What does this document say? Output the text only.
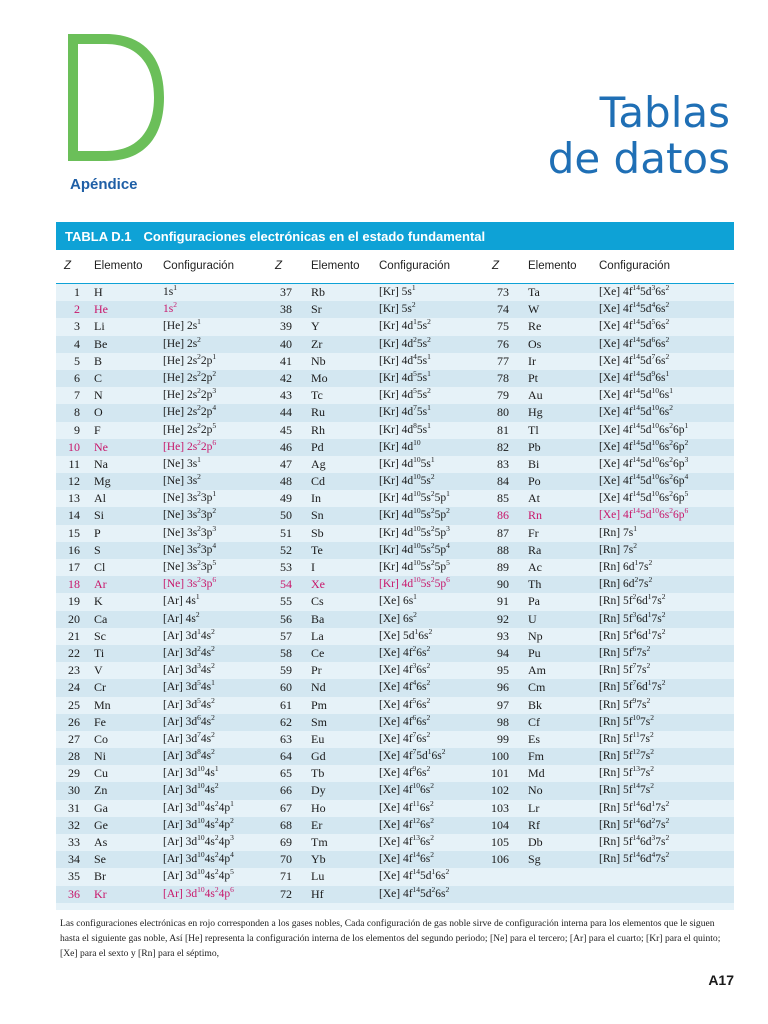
Apéndice
Tablas
de datos
TABLA D.1 Configuraciones electrónicas en el estado fundamental
Z Elemento Configuración	Z	Elemento Configuración	Z	Elemento Configuración
1 H	$1s^1$	37 Rb	[Kr] $5s^1$	73 Ta	[Xe] $4f^{14}5d^36s^2$
2 He	$1s^2$	38 Sr	[Kr] $5s^2$	74 W	[Xe] $4f^{14}5d^46s^2$
3 Li	[He] $2s^1$	39 Y	[Kr] $4d^15s^2$	75 Re	[Xe] $4f^{14}5d^56s^2$
4 Be	[He] $2s^2$	40 Zr	[Kr] $4d^25s^2$	76 Os	[Xe] $4f^{14}5d^66s^2$
5 B	[He] $2s^22p^1$	41 Nb	[Kr] $4d^45s^1$	77 Ir	[Xe] $4f^{14}5d^76s^2$
6 C	[He] $2s^22p^2$	42 Mo	[Kr] $4d^55s^1$	78 Pt	[Xe] $4f^{14}5d^96s^1$
7 N	[He] $2s^22p^3$	43 Tc	[Kr] $4d^55s^2$	79 Au	[Xe] $4f^{14}5d^{10}6s^1$
8 O	[He] $2s^22p^4$	44 Ru	[Kr] $4d^75s^1$	80 Hg	[Xe] $4f^{14}5d^{10}6s^2$
9 F	[He] $2s^22p^5$	45 Rh	[Kr] $4d^85s^1$	81 Tl	[Xe] $4f^{14}5d^{10}6s^26p^1$
10 Ne	[He] $2s^22p^6$	46 Pd	[Kr] $4d^{10}$	82 Pb	[Xe] $4f^{14}5d^{10}6s^26p^2$
11 Na	[Ne] $3s^1$	47 Ag	[Kr] $4d^{10}5s^1$	83 Bi	[Xe] $4f^{14}5d^{10}6s^26p^3$
12 Mg	[Ne] $3s^2$	48 Cd	[Kr] $4d^{10}5s^2$	84 Po	[Xe] $4f^{14}5d^{10}6s^26p^4$
13 Al	[Ne] $3s^23p^1$	49 In	[Kr] $4d^{10}5s^25p^1$	85 At	[Xe] $4f^{14}5d^{10}6s^26p^5$
14 Si	[Ne] $3s^23p^2$	50 Sn	[Kr] $4d^{10}5s^25p^2$	86 Rn	[Xe] $4f^{14}5d^{10}6s^26p^6$
15 P	[Ne] $3s^23p^3$	51 Sb	[Kr] $4d^{10}5s^25p^3$	87 Fr	[Rn] $7s^1$
16 S	[Ne] $3s^23p^4$	52 Te	[Kr] $4d^{10}5s^25p^4$	88 Ra	[Rn] $7s^2$
17 Cl	[Ne] $3s^23p^5$	53 I	[Kr] $4d^{10}5s^25p^5$	89 Ac	[Rn] $6d^17s^2$
18 Ar	[Ne] $3s^23p^6$	54 Xe	[Kr] $4d^{10}5s^25p^6$	90 Th	[Rn] $6d^27s^2$
19 K	[Ar] $4s^1$	55 Cs	[Xe] $6s^1$	91 Pa	[Rn] $5f^26d^17s^2$
20 Ca	[Ar] $4s^2$	56 Ba	[Xe] $6s^2$	92 U	[Rn] $5f^36d^17s^2$
21 Sc	[Ar] $3d^14s^2$	57 La	[Xe] $5d^16s^2$	93 Np	[Rn] $5f^46d^17s^2$
22 Ti	[Ar] $3d^24s^2$	58 Ce	[Xe] $4f^26s^2$	94 Pu	[Rn] $5f^67s^2$
23 V	[Ar] $3d^34s^2$	59 Pr	[Xe] $4f^36s^2$	95 Am	[Rn] $5f^77s^2$
24 Cr	[Ar] $3d^54s^1$	60 Nd	[Xe] $4f^46s^2$	96 Cm	[Rn] $5f^76d^17s^2$
25 Mn	[Ar] $3d^54s^2$	61 Pm	[Xe] $4f^56s^2$	97 Bk	[Rn] $5f^97s^2$
26 Fe	[Ar] $3d^64s^2$	62 Sm	[Xe] $4f^66s^2$	98 Cf	[Rn] $5f^{10}7s^2$
27 Co	[Ar] $3d^74s^2$	63 Eu	[Xe] $4f^76s^2$	99 Es	[Rn] $5f^{11}7s^2$
28 Ni	[Ar] $3d^84s^2$	64 Gd	[Xe] $4f^75d^16s^2$	100 Fm	[Rn] $5f^{12}7s^2$
29 Cu	[Ar] $3d^{10}4s^1$	65 Tb	[Xe] $4f^96s^2$	101 Md	[Rn] $5f^{13}7s^2$
30 Zn	[Ar] $3d^{10}4s^2$	66 Dy	[Xe] $4f^{10}6s^2$	102 No	[Rn] $5f^{14}7s^2$
31 Ga	[Ar] $3d^{10}4s^24p^1$	67 Ho	[Xe] $4f^{11}6s^2$	103 Lr	[Rn] $5f^{14}6d^17s^2$
32 Ge	[Ar] $3d^{10}4s^24p^2$	68 Er	[Xe] $4f^{12}6s^2$	104 Rf	[Rn] $5f^{14}6d^27s^2$
33 As	[Ar] $3d^{10}4s^24p^3$	69 Tm	[Xe] $4f^{13}6s^2$	105 Db	[Rn] $5f^{14}6d^37s^2$
34 Se	[Ar] $3d^{10}4s^24p^4$	70 Yb	[Xe] $4f^{14}6s^2$	106 Sg	[Rn] $5f^{14}6d^47s^2$
35 Br	[Ar] $3d^{10}4s^24p^5$	71 Lu	[Xe] $4f^{14}5d^16s^2$
36 Kr	[Ar] $3d^{10}4s^24p^6$	72 Hf	[Xe] $4f^{14}5d^26s^2$
Las configuraciones electrónicas en rojo corresponden a los gases nobles, Cada configuración de gas noble sirve de configuración interna para los elementos que le siguen hasta el siguiente gas noble, Así [He] representa la configuración interna de los elementos del segundo periodo; [Ne] para el tercero; [Ar] para el cuarto; [Kr] para el quinto; [Xe] para el sexto y [Rn] para el séptimo,
A17
